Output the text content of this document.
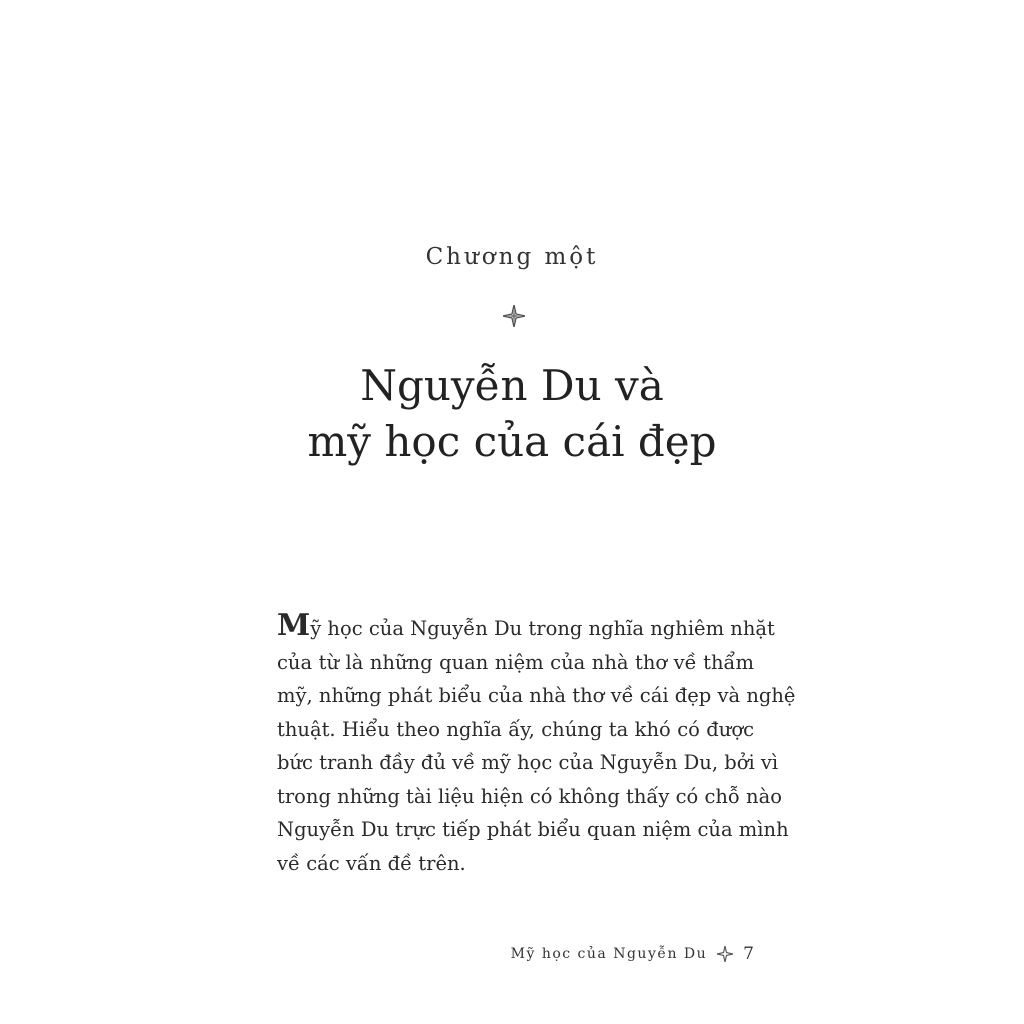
Chương một
Nguyễn Du và
mỹ học của cái đẹp

Mỹ học của Nguyễn Du trong nghĩa nghiêm nhặt
của từ là những quan niệm của nhà thơ về thẩm
mỹ, những phát biểu của nhà thơ về cái đẹp và nghệ
thuật. Hiểu theo nghĩa ấy, chúng ta khó có được
bức tranh đầy đủ về mỹ học của Nguyễn Du, bởi vì
trong những tài liệu hiện có không thấy có chỗ nào
Nguyễn Du trực tiếp phát biểu quan niệm của mình
về các vấn đề trên.

Mỹ học của Nguyễn Du 7
